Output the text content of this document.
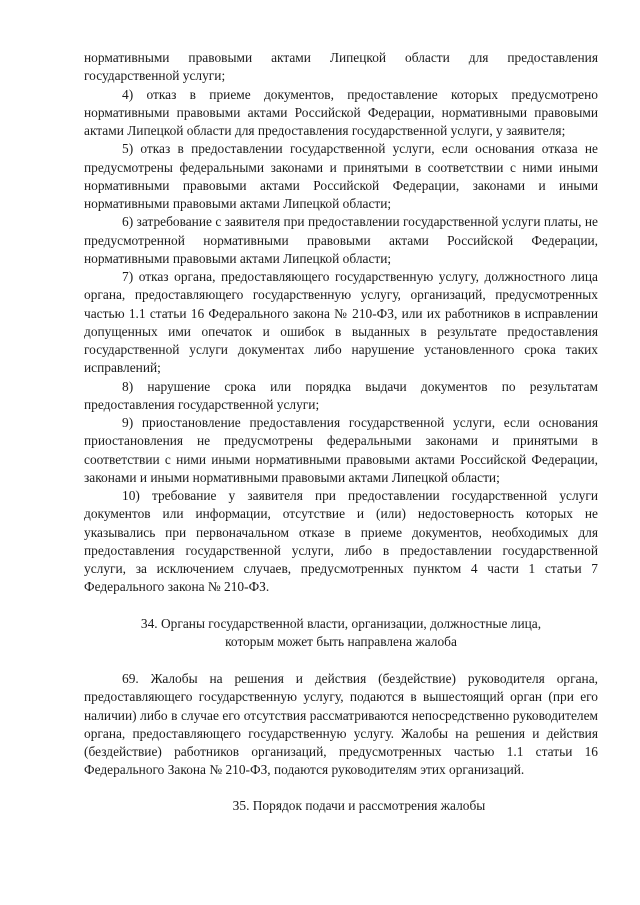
нормативными правовыми актами Липецкой области для предоставления государственной услуги;

4) отказ в приеме документов, предоставление которых предусмотрено нормативными правовыми актами Российской Федерации, нормативными правовыми актами Липецкой области для предоставления государственной услуги, у заявителя;

5) отказ в предоставлении государственной услуги, если основания отказа не предусмотрены федеральными законами и принятыми в соответствии с ними иными нормативными правовыми актами Российской Федерации, законами и иными нормативными правовыми актами Липецкой области;

6) затребование с заявителя при предоставлении государственной услуги платы, не предусмотренной нормативными правовыми актами Российской Федерации, нормативными правовыми актами Липецкой области;

7) отказ органа, предоставляющего государственную услугу, должностного лица органа, предоставляющего государственную услугу, организаций, предусмотренных частью 1.1 статьи 16 Федерального закона № 210-ФЗ, или их работников в исправлении допущенных ими опечаток и ошибок в выданных в результате предоставления государственной услуги документах либо нарушение установленного срока таких исправлений;

8) нарушение срока или порядка выдачи документов по результатам предоставления государственной услуги;

9) приостановление предоставления государственной услуги, если основания приостановления не предусмотрены федеральными законами и принятыми в соответствии с ними иными нормативными правовыми актами Российской Федерации, законами и иными нормативными правовыми актами Липецкой области;

10) требование у заявителя при предоставлении государственной услуги документов или информации, отсутствие и (или) недостоверность которых не указывались при первоначальном отказе в приеме документов, необходимых для предоставления государственной услуги, либо в предоставлении государственной услуги, за исключением случаев, предусмотренных пунктом 4 части 1 статьи 7 Федерального закона № 210-ФЗ.

34. Органы государственной власти, организации, должностные лица,

которым может быть направлена жалоба

69. Жалобы на решения и действия (бездействие) руководителя органа, предоставляющего государственную услугу, подаются в вышестоящий орган (при его наличии) либо в случае его отсутствия рассматриваются непосредственно руководителем органа, предоставляющего государственную услугу. Жалобы на решения и действия (бездействие) работников организаций, предусмотренных частью 1.1 статьи 16 Федерального Закона № 210-ФЗ, подаются руководителям этих организаций.

35. Порядок подачи и рассмотрения жалобы
